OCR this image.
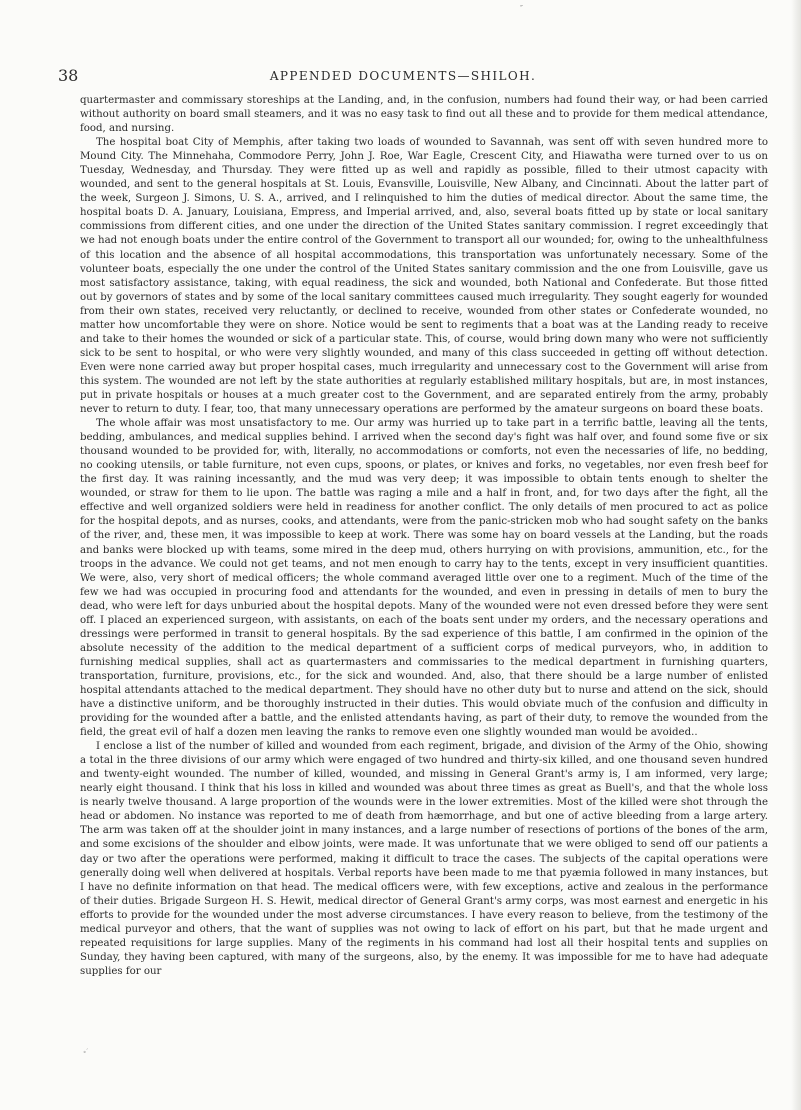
″
38	APPENDED DOCUMENTS—SHILOH.

quartermaster and commissary storeships at the Landing, and, in the confusion, numbers had found their way, or had been carried without authority on board small steamers, and it was no easy task to find out all these and to provide for them medical attendance, food, and nursing.

The hospital boat City of Memphis, after taking two loads of wounded to Savannah, was sent off with seven hundred more to Mound City. The Minnehaha, Commodore Perry, John J. Roe, War Eagle, Crescent City, and Hiawatha were turned over to us on Tuesday, Wednesday, and Thursday. They were fitted up as well and rapidly as possible, filled to their utmost capacity with wounded, and sent to the general hospitals at St. Louis, Evansville, Louisville, New Albany, and Cincinnati. About the latter part of the week, Surgeon J. Simons, U. S. A., arrived, and I relinquished to him the duties of medical director. About the same time, the hospital boats D. A. January, Louisiana, Empress, and Imperial arrived, and, also, several boats fitted up by state or local sanitary commissions from different cities, and one under the direction of the United States sanitary commission. I regret exceedingly that we had not enough boats under the entire control of the Government to transport all our wounded; for, owing to the unhealthfulness of this location and the absence of all hospital accommodations, this transportation was unfortunately necessary. Some of the volunteer boats, especially the one under the control of the United States sanitary commission and the one from Louisville, gave us most satisfactory assistance, taking, with equal readiness, the sick and wounded, both National and Confederate. But those fitted out by governors of states and by some of the local sanitary committees caused much irregularity. They sought eagerly for wounded from their own states, received very reluctantly, or declined to receive, wounded from other states or Confederate wounded, no matter how uncomfortable they were on shore. Notice would be sent to regiments that a boat was at the Landing ready to receive and take to their homes the wounded or sick of a particular state. This, of course, would bring down many who were not sufficiently sick to be sent to hospital, or who were very slightly wounded, and many of this class succeeded in getting off without detection. Even were none carried away but proper hospital cases, much irregularity and unnecessary cost to the Government will arise from this system. The wounded are not left by the state authorities at regularly established military hospitals, but are, in most instances, put in private hospitals or houses at a much greater cost to the Government, and are separated entirely from the army, probably never to return to duty. I fear, too, that many unnecessary operations are performed by the amateur surgeons on board these boats.

The whole affair was most unsatisfactory to me. Our army was hurried up to take part in a terrific battle, leaving all the tents, bedding, ambulances, and medical supplies behind. I arrived when the second day's fight was half over, and found some five or six thousand wounded to be provided for, with, literally, no accommodations or comforts, not even the necessaries of life, no bedding, no cooking utensils, or table furniture, not even cups, spoons, or plates, or knives and forks, no vegetables, nor even fresh beef for the first day. It was raining incessantly, and the mud was very deep; it was impossible to obtain tents enough to shelter the wounded, or straw for them to lie upon. The battle was raging a mile and a half in front, and, for two days after the fight, all the effective and well organized soldiers were held in readiness for another conflict. The only details of men procured to act as police for the hospital depots, and as nurses, cooks, and attendants, were from the panic-stricken mob who had sought safety on the banks of the river, and, these men, it was impossible to keep at work. There was some hay on board vessels at the Landing, but the roads and banks were blocked up with teams, some mired in the deep mud, others hurrying on with provisions, ammunition, etc., for the troops in the advance. We could not get teams, and not men enough to carry hay to the tents, except in very insufficient quantities. We were, also, very short of medical officers; the whole command averaged little over one to a regiment. Much of the time of the few we had was occupied in procuring food and attendants for the wounded, and even in pressing in details of men to bury the dead, who were left for days unburied about the hospital depots. Many of the wounded were not even dressed before they were sent off. I placed an experienced surgeon, with assistants, on each of the boats sent under my orders, and the necessary operations and dressings were performed in transit to general hospitals. By the sad experience of this battle, I am confirmed in the opinion of the absolute necessity of the addition to the medical department of a sufficient corps of medical purveyors, who, in addition to furnishing medical supplies, shall act as quartermasters and commissaries to the medical department in furnishing quarters, transportation, furniture, provisions, etc., for the sick and wounded. And, also, that there should be a large number of enlisted hospital attendants attached to the medical department. They should have no other duty but to nurse and attend on the sick, should have a distinctive uniform, and be thoroughly instructed in their duties. This would obviate much of the confusion and difficulty in providing for the wounded after a battle, and the enlisted attendants having, as part of their duty, to remove the wounded from the field, the great evil of half a dozen men leaving the ranks to remove even one slightly wounded man would be avoided..

I enclose a list of the number of killed and wounded from each regiment, brigade, and division of the Army of the Ohio, showing a total in the three divisions of our army which were engaged of two hundred and thirty-six killed, and one thousand seven hundred and twenty-eight wounded. The number of killed, wounded, and missing in General Grant's army is, I am informed, very large; nearly eight thousand. I think that his loss in killed and wounded was about three times as great as Buell's, and that the whole loss is nearly twelve thousand. A large proportion of the wounds were in the lower extremities. Most of the killed were shot through the head or abdomen. No instance was reported to me of death from hæmorrhage, and but one of active bleeding from a large artery. The arm was taken off at the shoulder joint in many instances, and a large number of resections of portions of the bones of the arm, and some excisions of the shoulder and elbow joints, were made. It was unfortunate that we were obliged to send off our patients a day or two after the operations were performed, making it difficult to trace the cases. The subjects of the capital operations were generally doing well when delivered at hospitals. Verbal reports have been made to me that pyæmia followed in many instances, but I have no definite information on that head. The medical officers were, with few exceptions, active and zealous in the performance of their duties. Brigade Surgeon H. S. Hewit, medical director of General Grant's army corps, was most earnest and energetic in his efforts to provide for the wounded under the most adverse circumstances. I have every reason to believe, from the testimony of the medical purveyor and others, that the want of supplies was not owing to lack of effort on his part, but that he made urgent and repeated requisitions for large supplies. Many of the regiments in his command had lost all their hospital tents and supplies on Sunday, they having been captured, with many of the surgeons, also, by the enemy. It was impossible for me to have had adequate supplies for our

∘′
